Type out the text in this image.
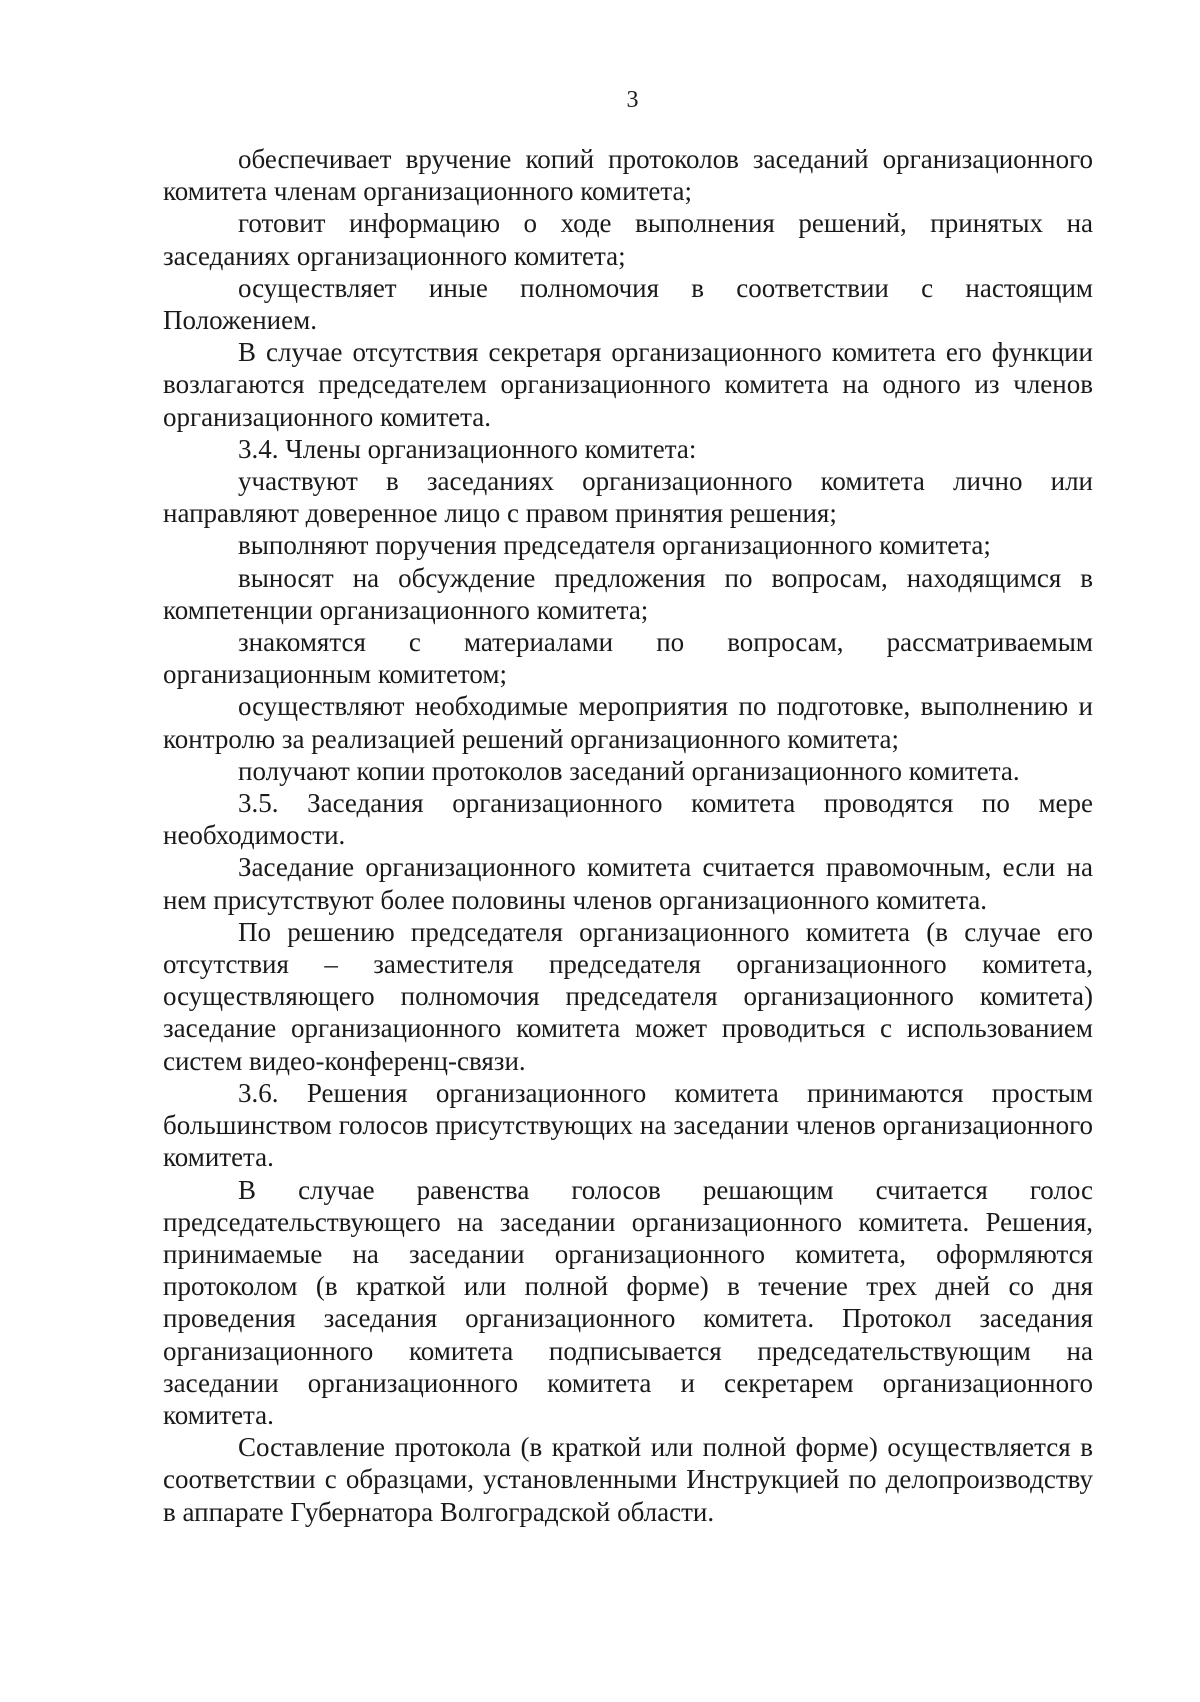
3

обеспечивает вручение копий протоколов заседаний организационного комитета членам организационного комитета;

готовит информацию о ходе выполнения решений, принятых на заседаниях организационного комитета;

осуществляет иные полномочия в соответствии с настоящим Положением.

В случае отсутствия секретаря организационного комитета его функции возлагаются председателем организационного комитета на одного из членов организационного комитета.

3.4. Члены организационного комитета:

участвуют в заседаниях организационного комитета лично или направляют доверенное лицо с правом принятия решения;

выполняют поручения председателя организационного комитета;

выносят на обсуждение предложения по вопросам, находящимся в компетенции организационного комитета;

знакомятся с материалами по вопросам, рассматриваемым организационным комитетом;

осуществляют необходимые мероприятия по подготовке, выполнению и контролю за реализацией решений организационного комитета;

получают копии протоколов заседаний организационного комитета.

3.5. Заседания организационного комитета проводятся по мере необходимости.

Заседание организационного комитета считается правомочным, если на нем присутствуют более половины членов организационного комитета.

По решению председателя организационного комитета (в случае его отсутствия – заместителя председателя организационного комитета, осуществляющего полномочия председателя организационного комитета) заседание организационного комитета может проводиться с использованием систем видео-конференц-связи.

3.6. Решения организационного комитета принимаются простым большинством голосов присутствующих на заседании членов организационного комитета.

В случае равенства голосов решающим считается голос председательствующего на заседании организационного комитета. Решения, принимаемые на заседании организационного комитета, оформляются протоколом (в краткой или полной форме) в течение трех дней со дня проведения заседания организационного комитета. Протокол заседания организационного комитета подписывается председательствующим на заседании организационного комитета и секретарем организационного комитета.

Составление протокола (в краткой или полной форме) осуществляется в соответствии с образцами, установленными Инструкцией по делопроизводству в аппарате Губернатора Волгоградской области.
